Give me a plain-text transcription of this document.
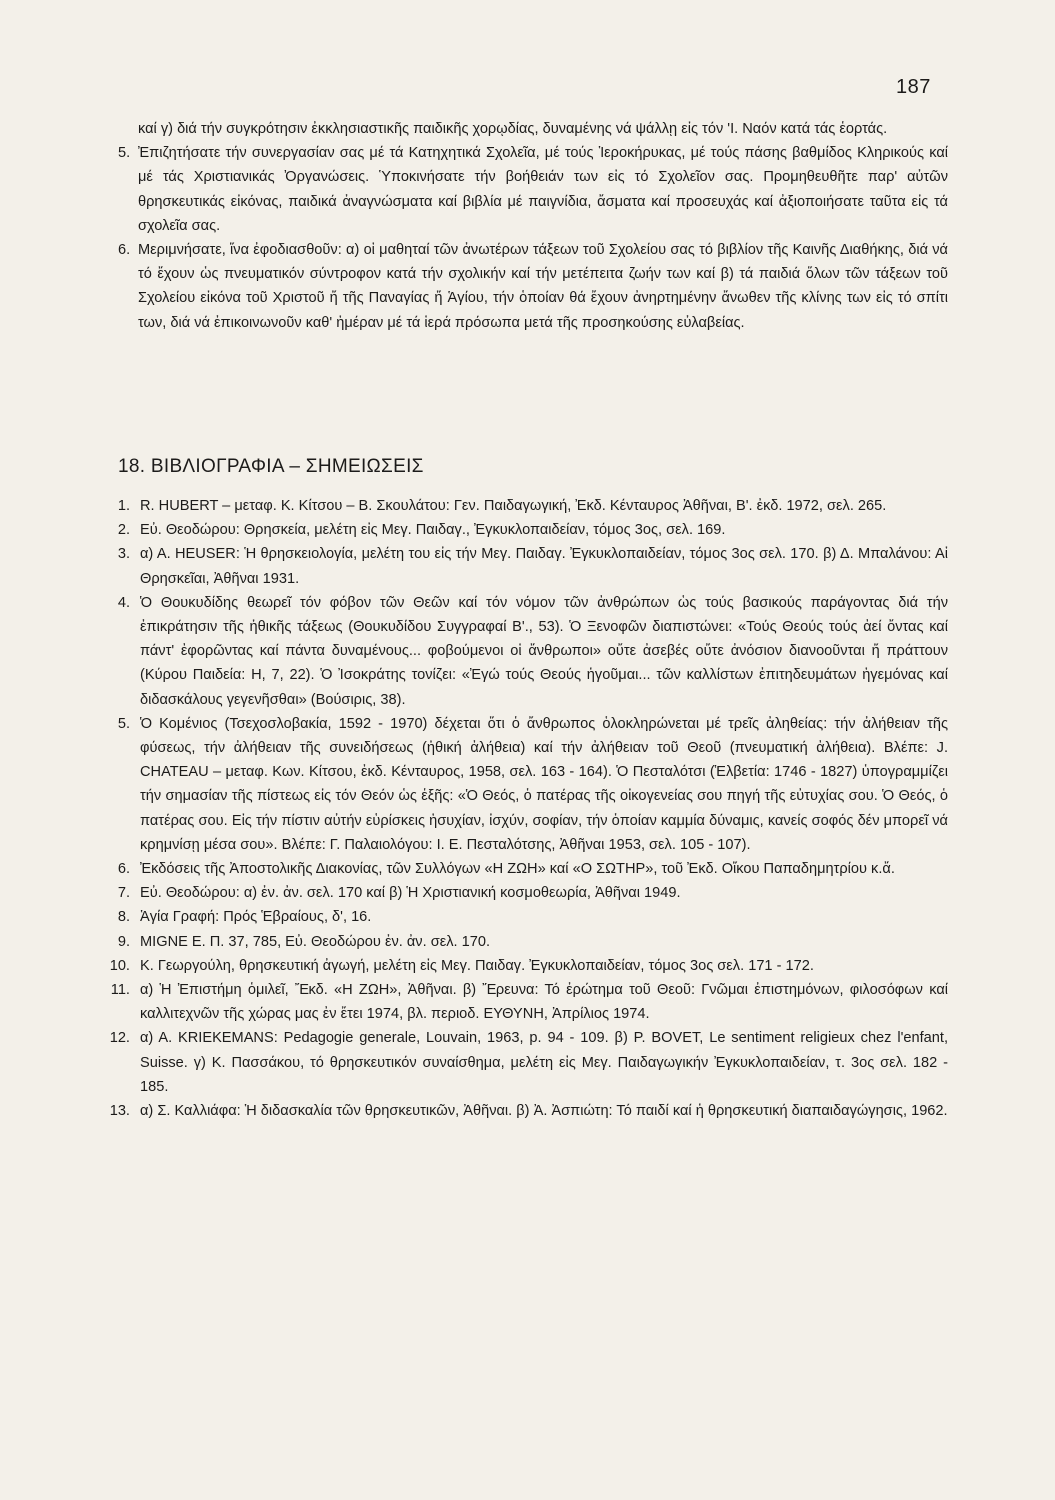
187
καί γ) διά τήν συγκρότησιν ἐκκλησιαστικῆς παιδικῆς χορῳδίας, δυναμένης νά ψάλλῃ εἰς τόν 'Ι. Ναόν κατά τάς ἑορτάς.
5. Ἐπιζητήσατε τήν συνεργασίαν σας μέ τά Κατηχητικά Σχολεῖα, μέ τούς Ἱεροκήρυκας, μέ τούς πάσης βαθμίδος Κληρικούς καί μέ τάς Χριστιανικάς Ὀργανώσεις. Ὑποκινήσατε τήν βοήθειάν των εἰς τό Σχολεῖον σας. Προμηθευθῆτε παρ' αὐτῶν θρησκευτικάς εἰκόνας, παιδικά ἀναγνώσματα καί βιβλία μέ παιγνίδια, ἄσματα καί προσευχάς καί ἀξιοποιήσατε ταῦτα εἰς τά σχολεῖα σας.
6. Μεριμνήσατε, ἵνα ἐφοδιασθοῦν: α) οἱ μαθηταί τῶν ἀνωτέρων τάξεων τοῦ Σχολείου σας τό βιβλίον τῆς Καινῆς Διαθήκης, διά νά τό ἔχουν ὡς πνευματικόν σύντροφον κατά τήν σχολικήν καί τήν μετέπειτα ζωήν των καί β) τά παιδιά ὅλων τῶν τάξεων τοῦ Σχολείου εἰκόνα τοῦ Χριστοῦ ἤ τῆς Παναγίας ἤ Ἁγίου, τήν ὁποίαν θά ἔχουν ἀνηρτημένην ἄνωθεν τῆς κλίνης των εἰς τό σπίτι των, διά νά ἐπικοινωνοῦν καθ' ἡμέραν μέ τά ἱερά πρόσωπα μετά τῆς προσηκούσης εὐλαβείας.
18. ΒΙΒΛΙΟΓΡΑΦΙΑ – ΣΗΜΕΙΩΣΕΙΣ
1. R. HUBERT – μεταφ. Κ. Κίτσου – Β. Σκουλάτου: Γεν. Παιδαγωγική, Ἐκδ. Κένταυρος Ἀθῆναι, Β'. ἐκδ. 1972, σελ. 265.
2. Εὐ. Θεοδώρου: Θρησκεία, μελέτη εἰς Μεγ. Παιδαγ., Ἐγκυκλοπαιδείαν, τόμος 3ος, σελ. 169.
3. α) Α. HEUSER: Ἡ θρησκειολογία, μελέτη του εἰς τήν Μεγ. Παιδαγ. Ἐγκυκλοπαιδείαν, τόμος 3ος σελ. 170. β) Δ. Μπαλάνου: Αἱ Θρησκεῖαι, Ἀθῆναι 1931.
4. Ὁ Θουκυδίδης θεωρεῖ τόν φόβον τῶν Θεῶν καί τόν νόμον τῶν ἀνθρώπων ὡς τούς βασικούς παράγοντας διά τήν ἐπικράτησιν τῆς ἠθικῆς τάξεως (Θουκυδίδου Συγγραφαί Β'., 53). Ὁ Ξενοφῶν διαπιστώνει: «Τούς Θεούς τούς ἀεί ὄντας καί πάντ' ἐφορῶντας καί πάντα δυναμένους... φοβούμενοι οἱ ἄνθρωποι» οὔτε ἀσεβές οὔτε ἀνόσιον διανοοῦνται ἤ πράττουν (Κύρου Παιδεία: Η, 7, 22). Ὁ Ἰσοκράτης τονίζει: «Ἐγώ τούς Θεούς ἡγοῦμαι... τῶν καλλίστων ἐπιτηδευμάτων ἡγεμόνας καί διδασκάλους γεγενῆσθαι» (Βούσιρις, 38).
5. Ὁ Κομένιος (Τσεχοσλοβακία, 1592 - 1970) δέχεται ὅτι ὁ ἄνθρωπος ὁλοκληρώνεται μέ τρεῖς ἀληθείας: τήν ἀλήθειαν τῆς φύσεως, τήν ἀλήθειαν τῆς συνειδήσεως (ἠθική ἀλήθεια) καί τήν ἀλήθειαν τοῦ Θεοῦ (πνευματική ἀλήθεια). Βλέπε: J. CHATEAU – μεταφ. Κων. Κίτσου, ἐκδ. Κένταυρος, 1958, σελ. 163 - 164). Ὁ Πεσταλότσι (Ἑλβετία: 1746 - 1827) ὑπογραμμίζει τήν σημασίαν τῆς πίστεως εἰς τόν Θεόν ὡς ἑξῆς: «Ὁ Θεός, ὁ πατέρας τῆς οἰκογενείας σου πηγή τῆς εὐτυχίας σου. Ὁ Θεός, ὁ πατέρας σου. Εἰς τήν πίστιν αὐτήν εὑρίσκεις ἡσυχίαν, ἰσχύν, σοφίαν, τήν ὁποίαν καμμία δύναμις, κανείς σοφός δέν μπορεῖ νά κρημνίσῃ μέσα σου». Βλέπε: Γ. Παλαιολόγου: Ι. Ε. Πεσταλότσης, Ἀθῆναι 1953, σελ. 105 - 107).
6. Ἐκδόσεις τῆς Ἀποστολικῆς Διακονίας, τῶν Συλλόγων «Η ΖΩΗ» καί «Ο ΣΩΤΗΡ», τοῦ Ἐκδ. Οἴκου Παπαδημητρίου κ.ἄ.
7. Εὐ. Θεοδώρου: α) ἐν. ἀν. σελ. 170 καί β) Ἡ Χριστιανική κοσμοθεωρία, Ἀθῆναι 1949.
8. Ἁγία Γραφή: Πρός Ἑβραίους, δ', 16.
9. MIGNE Ε. Π. 37, 785, Εὐ. Θεοδώρου ἐν. ἀν. σελ. 170.
10. Κ. Γεωργούλη, θρησκευτική ἀγωγή, μελέτη εἰς Μεγ. Παιδαγ. Ἐγκυκλοπαιδείαν, τόμος 3ος σελ. 171 - 172.
11. α) Ἡ Ἐπιστήμη ὁμιλεῖ, Ἔκδ. «Η ΖΩΗ», Ἀθῆναι. β) Ἔρευνα: Τό ἐρώτημα τοῦ Θεοῦ: Γνῶμαι ἐπιστημόνων, φιλοσόφων καί καλλιτεχνῶν τῆς χώρας μας ἐν ἔτει 1974, βλ. περιοδ. ΕΥΘΥΝΗ, Ἀπρίλιος 1974.
12. α) Α. KRIEKEMANS: Pedagogie generale, Louvain, 1963, p. 94 - 109. β) P. BOVET, Le sentiment religieux chez l'enfant, Suisse. γ) Κ. Πασσάκου, τό θρησκευτικόν συναίσθημα, μελέτη εἰς Μεγ. Παιδαγωγικήν Ἐγκυκλοπαιδείαν, τ. 3ος σελ. 182 - 185.
13. α) Σ. Καλλιάφα: Ἡ διδασκαλία τῶν θρησκευτικῶν, Ἀθῆναι. β) Ἀ. Ἀσπιώτη: Τό παιδί καί ἡ θρησκευτική διαπαιδαγώγησις, 1962.
